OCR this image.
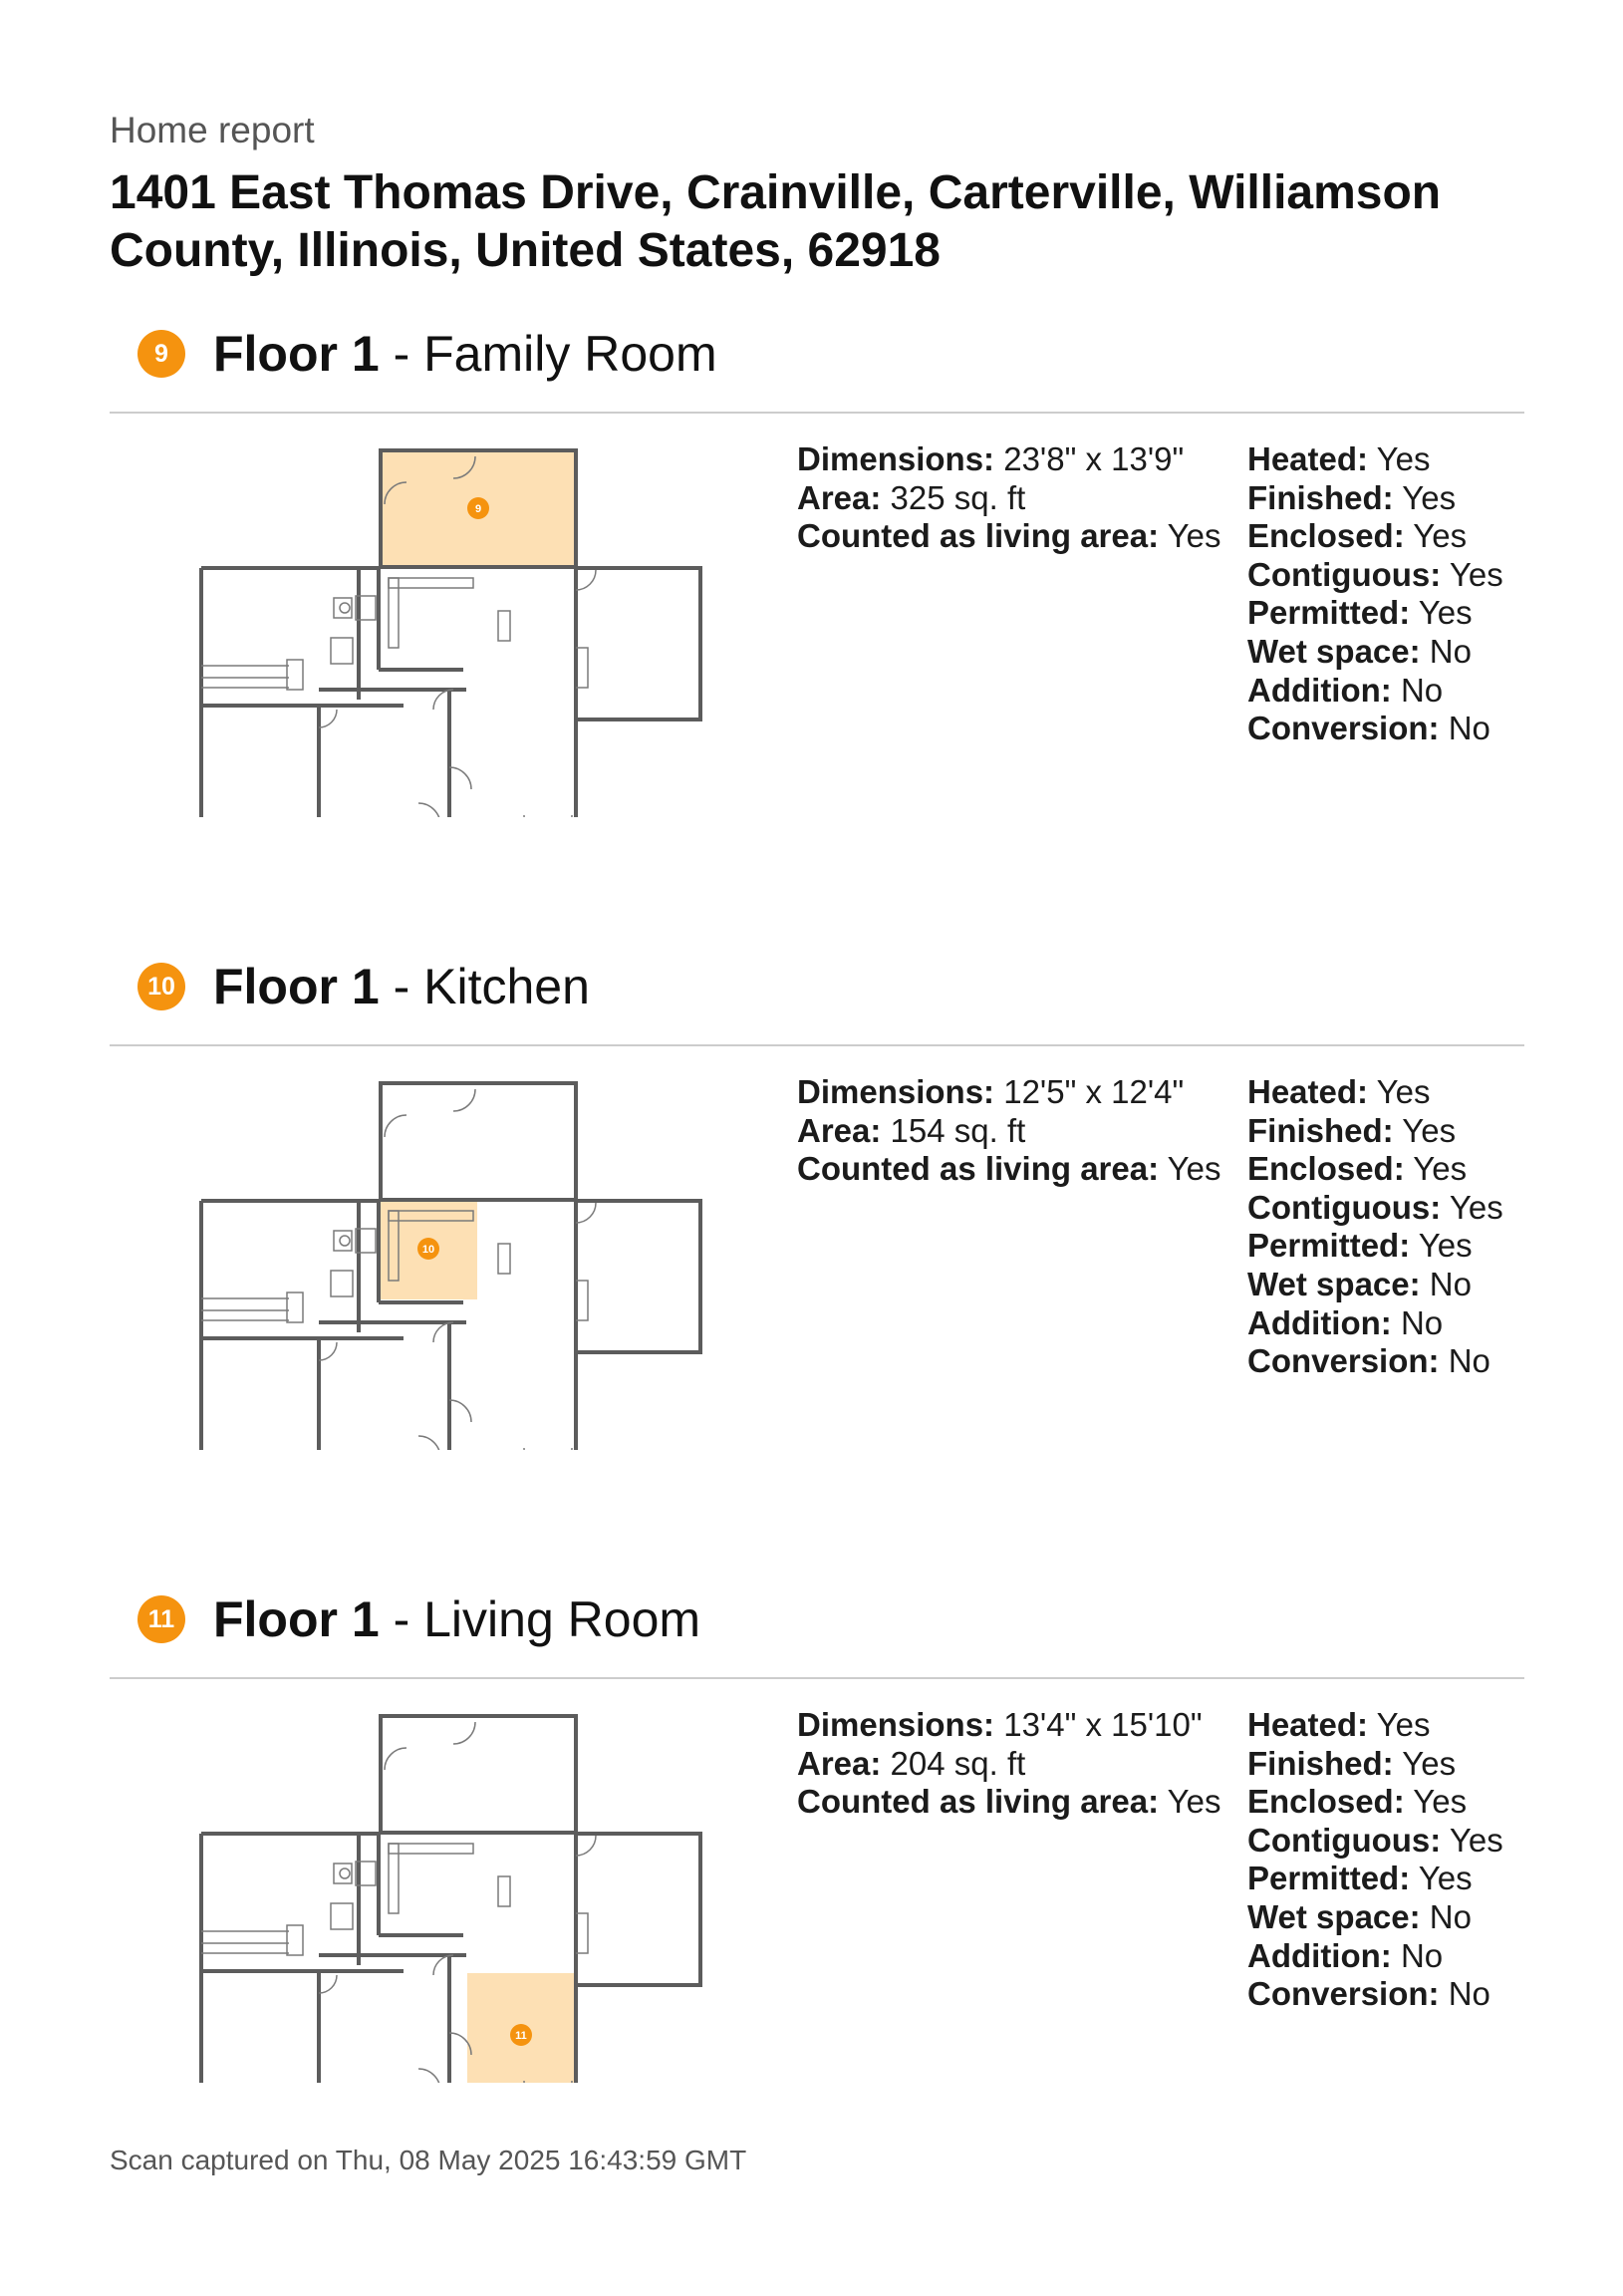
Home report
1401 East Thomas Drive, Crainville, Carterville, Williamson County, Illinois, United States, 62918
9 Floor 1 - Family Room
9
Dimensions: 23'8" x 13'9"
Area: 325 sq. ft
Counted as living area: Yes
Heated: Yes
Finished: Yes
Enclosed: Yes
Contiguous: Yes
Permitted: Yes
Wet space: No
Addition: No
Conversion: No
10 Floor 1 - Kitchen
10
Dimensions: 12'5" x 12'4"
Area: 154 sq. ft
Counted as living area: Yes
Heated: Yes
Finished: Yes
Enclosed: Yes
Contiguous: Yes
Permitted: Yes
Wet space: No
Addition: No
Conversion: No
11 Floor 1 - Living Room
11
Dimensions: 13'4" x 15'10"
Area: 204 sq. ft
Counted as living area: Yes
Heated: Yes
Finished: Yes
Enclosed: Yes
Contiguous: Yes
Permitted: Yes
Wet space: No
Addition: No
Conversion: No
Scan captured on Thu, 08 May 2025 16:43:59 GMT
